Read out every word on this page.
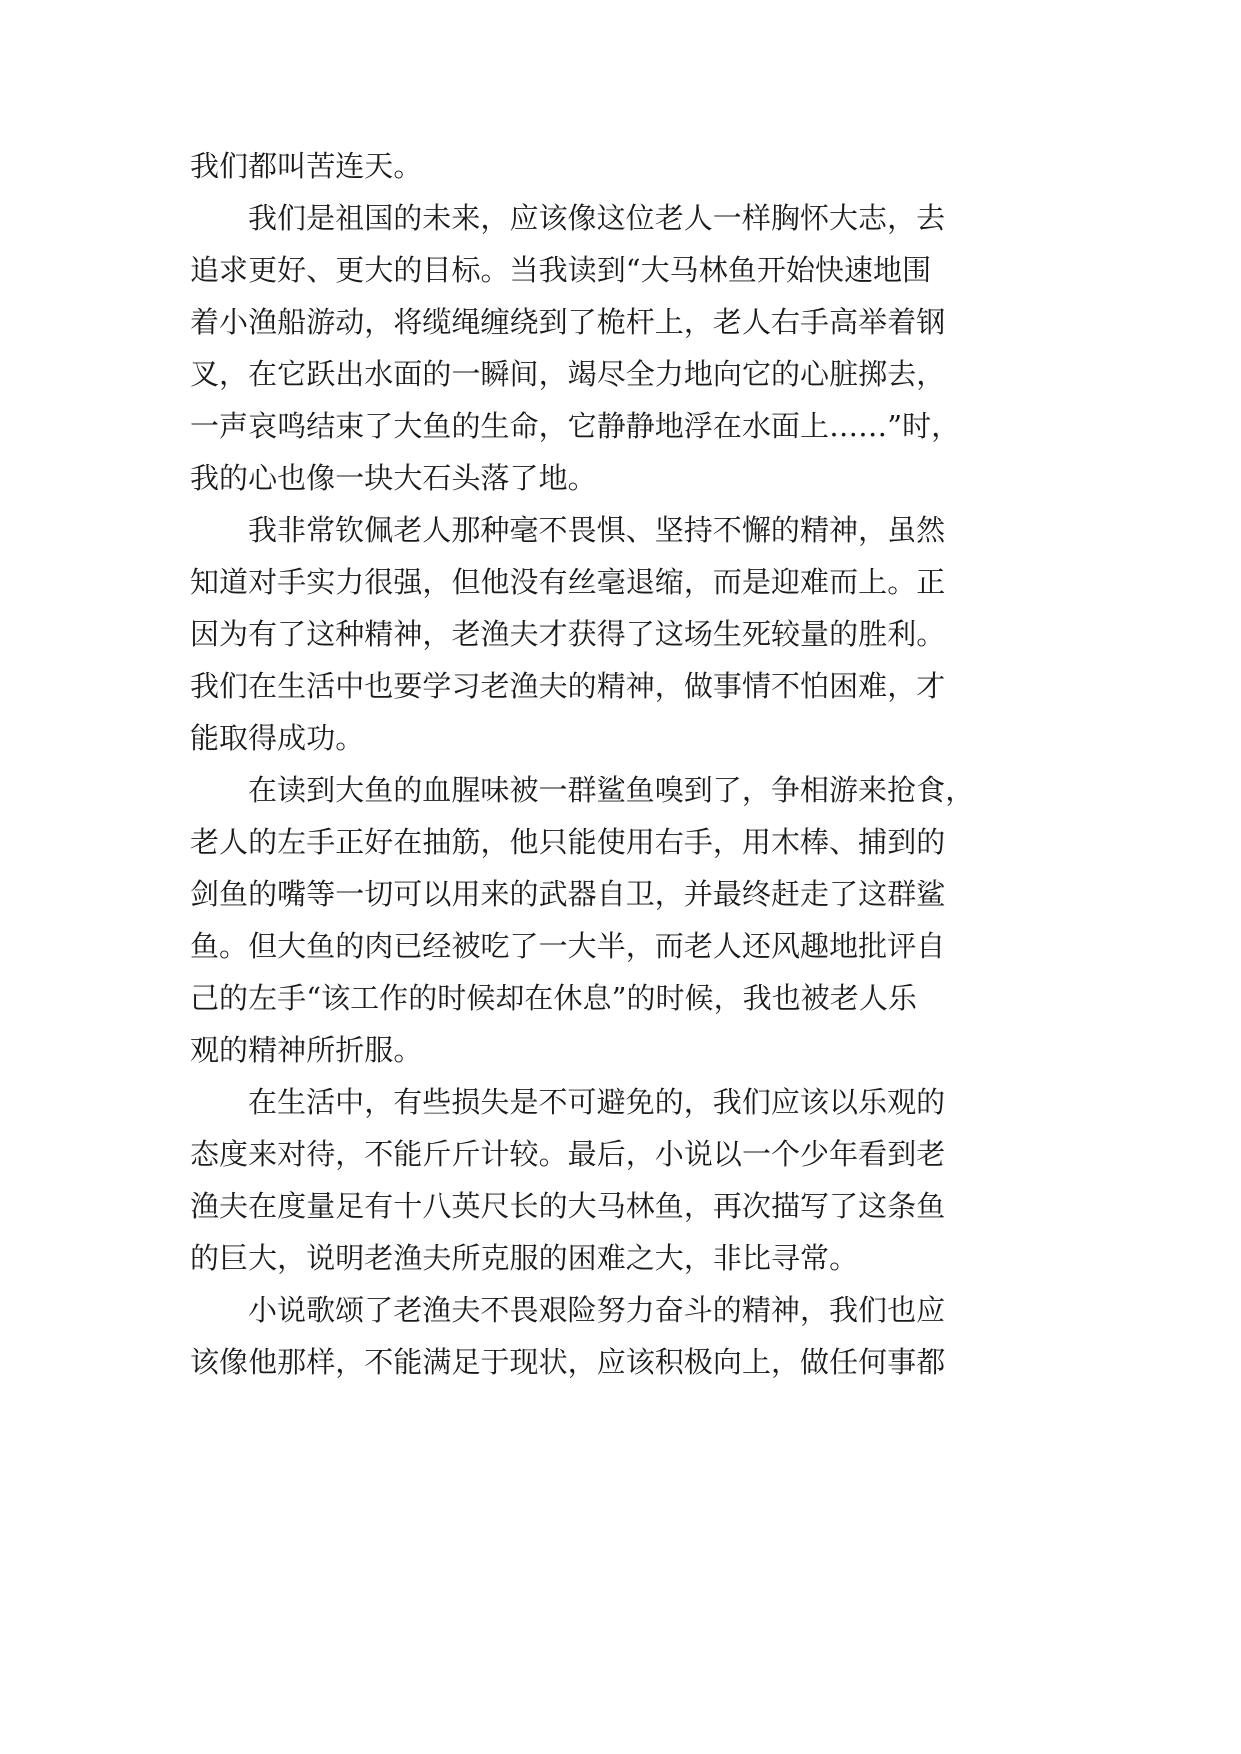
我们都叫苦连天。

我们是祖国的未来，应该像这位老人一样胸怀大志，去

追求更好、更大的目标。当我读到“大马林鱼开始快速地围

着小渔船游动，将缆绳缠绕到了桅杆上，老人右手高举着钢

叉，在它跃出水面的一瞬间，竭尽全力地向它的心脏掷去，

一声哀鸣结束了大鱼的生命，它静静地浮在水面上……”时，

我的心也像一块大石头落了地。

我非常钦佩老人那种毫不畏惧、坚持不懈的精神，虽然

知道对手实力很强，但他没有丝毫退缩，而是迎难而上。正

因为有了这种精神，老渔夫才获得了这场生死较量的胜利。

我们在生活中也要学习老渔夫的精神，做事情不怕困难，才

能取得成功。

在读到大鱼的血腥味被一群鲨鱼嗅到了，争相游来抢食，

老人的左手正好在抽筋，他只能使用右手，用木棒、捕到的

剑鱼的嘴等一切可以用来的武器自卫，并最终赶走了这群鲨

鱼。但大鱼的肉已经被吃了一大半，而老人还风趣地批评自

己的左手“该工作的时候却在休息”的时候，我也被老人乐

观的精神所折服。

在生活中，有些损失是不可避免的，我们应该以乐观的

态度来对待，不能斤斤计较。最后，小说以一个少年看到老

渔夫在度量足有十八英尺长的大马林鱼，再次描写了这条鱼

的巨大，说明老渔夫所克服的困难之大，非比寻常。

小说歌颂了老渔夫不畏艰险努力奋斗的精神，我们也应

该像他那样，不能满足于现状，应该积极向上，做任何事都
